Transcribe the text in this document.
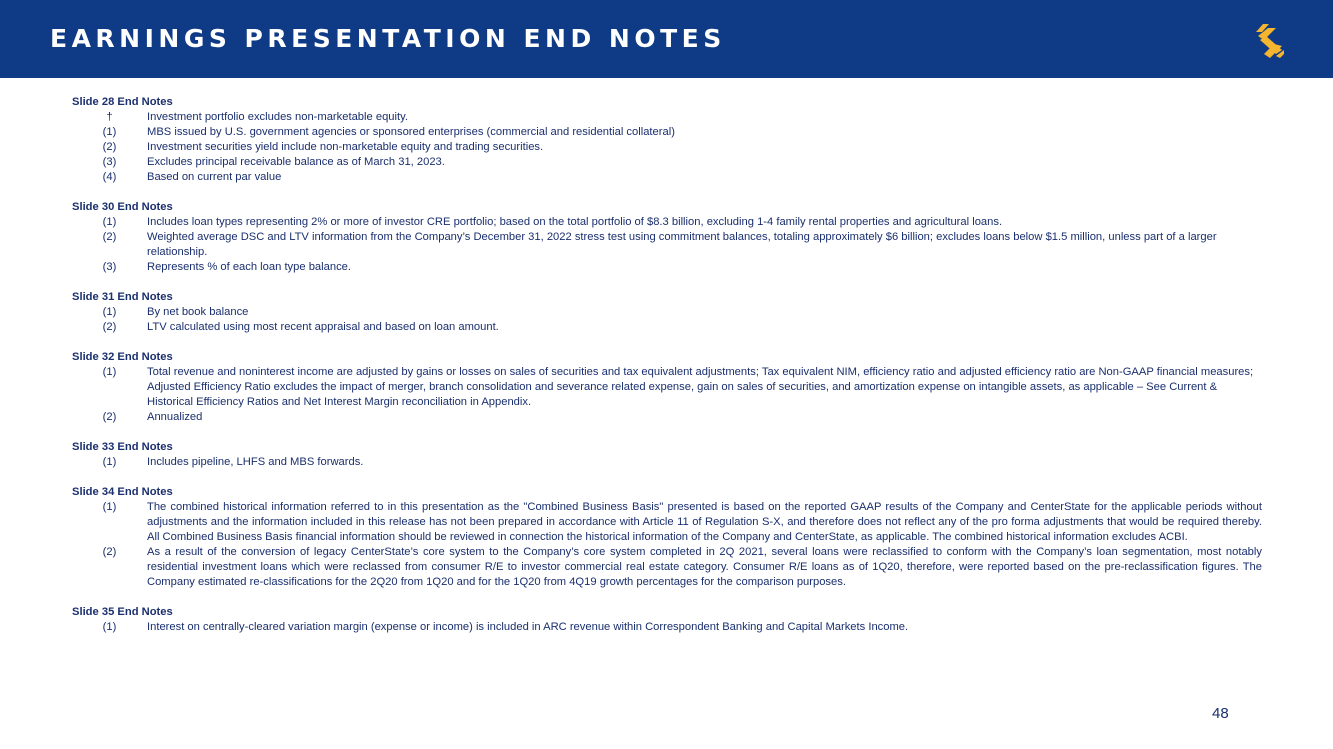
EARNINGS PRESENTATION END NOTES
Slide 28 End Notes
†	Investment portfolio excludes non-marketable equity.
(1)	MBS issued by U.S. government agencies or sponsored enterprises (commercial and residential collateral)
(2)	Investment securities yield include non-marketable equity and trading securities.
(3)	Excludes principal receivable balance as of March 31, 2023.
(4)	Based on current par value
Slide 30 End Notes
(1)	Includes loan types representing 2% or more of investor CRE portfolio; based on the total portfolio of $8.3 billion, excluding 1-4 family rental properties and agricultural loans.
(2)	Weighted average DSC and LTV information from the Company’s December 31, 2022 stress test using commitment balances, totaling approximately $6 billion; excludes loans below $1.5 million, unless part of a larger relationship.
(3)	Represents % of each loan type balance.
Slide 31 End Notes
(1)	By net book balance
(2)	LTV calculated using most recent appraisal and based on loan amount.
Slide 32 End Notes
(1)	Total revenue and noninterest income are adjusted by gains or losses on sales of securities and tax equivalent adjustments; Tax equivalent NIM, efficiency ratio and adjusted efficiency ratio are Non-GAAP financial measures; Adjusted Efficiency Ratio excludes the impact of merger, branch consolidation and severance related expense, gain on sales of securities, and amortization expense on intangible assets, as applicable – See Current & Historical Efficiency Ratios and Net Interest Margin reconciliation in Appendix.
(2)	Annualized
Slide 33 End Notes
(1)	Includes pipeline, LHFS and MBS forwards.
Slide 34 End Notes
(1)	The combined historical information referred to in this presentation as the "Combined Business Basis" presented is based on the reported GAAP results of the Company and CenterState for the applicable periods without adjustments and the information included in this release has not been prepared in accordance with Article 11 of Regulation S-X, and therefore does not reflect any of the pro forma adjustments that would be required thereby. All Combined Business Basis financial information should be reviewed in connection the historical information of the Company and CenterState, as applicable. The combined historical information excludes ACBI.
(2)	As a result of the conversion of legacy CenterState’s core system to the Company’s core system completed in 2Q 2021, several loans were reclassified to conform with the Company’s loan segmentation, most notably residential investment loans which were reclassed from consumer R/E to investor commercial real estate category. Consumer R/E loans as of 1Q20, therefore, were reported based on the pre-reclassification figures. The Company estimated re-classifications for the 2Q20 from 1Q20 and for the 1Q20 from 4Q19 growth percentages for the comparison purposes.
Slide 35 End Notes
(1)	Interest on centrally-cleared variation margin (expense or income) is included in ARC revenue within Correspondent Banking and Capital Markets Income.
48
